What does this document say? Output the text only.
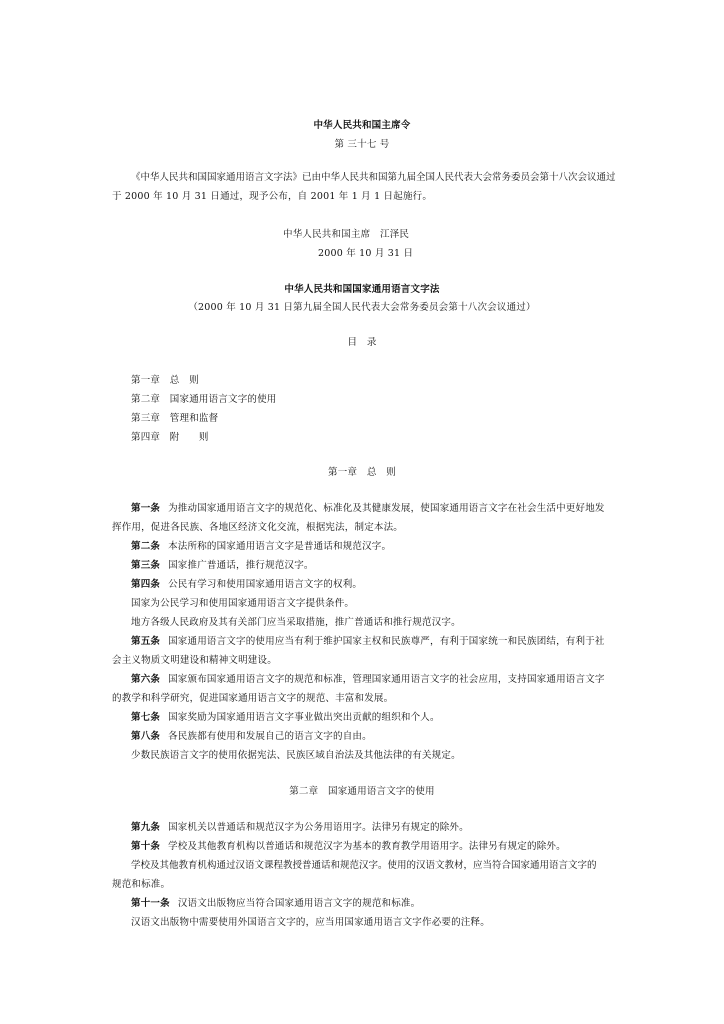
中华人民共和国主席令
第 三十七 号
《中华人民共和国国家通用语言文字法》已由中华人民共和国第九届全国人民代表大会常务委员会第十八次会议通过
于 2000 年 10 月 31 日通过，现予公布，自 2001 年 1 月 1 日起施行。
中华人民共和国主席　江泽民
2000 年 10 月 31 日
中华人民共和国国家通用语言文字法
（2000 年 10 月 31 日第九届全国人民代表大会常务委员会第十八次会议通过）
目　录
第一章　总　则
第二章　国家通用语言文字的使用
第三章　管理和监督
第四章　附　　则
第一章　总　则
第一条 为推动国家通用语言文字的规范化、标准化及其健康发展，使国家通用语言文字在社会生活中更好地发
挥作用，促进各民族、各地区经济文化交流，根据宪法，制定本法。
第二条 本法所称的国家通用语言文字是普通话和规范汉字。
第三条 国家推广普通话，推行规范汉字。
第四条 公民有学习和使用国家通用语言文字的权利。
国家为公民学习和使用国家通用语言文字提供条件。
地方各级人民政府及其有关部门应当采取措施，推广普通话和推行规范汉字。
第五条 国家通用语言文字的使用应当有利于维护国家主权和民族尊严，有利于国家统一和民族团结，有利于社
会主义物质文明建设和精神文明建设。
第六条 国家颁布国家通用语言文字的规范和标准，管理国家通用语言文字的社会应用，支持国家通用语言文字
的教学和科学研究，促进国家通用语言文字的规范、丰富和发展。
第七条 国家奖励为国家通用语言文字事业做出突出贡献的组织和个人。
第八条 各民族都有使用和发展自己的语言文字的自由。
少数民族语言文字的使用依据宪法、民族区域自治法及其他法律的有关规定。
第二章　国家通用语言文字的使用
第九条 国家机关以普通话和规范汉字为公务用语用字。法律另有规定的除外。
第十条 学校及其他教育机构以普通话和规范汉字为基本的教育教学用语用字。法律另有规定的除外。
学校及其他教育机构通过汉语文课程教授普通话和规范汉字。使用的汉语文教材，应当符合国家通用语言文字的
规范和标准。
第十一条 汉语文出版物应当符合国家通用语言文字的规范和标准。
汉语文出版物中需要使用外国语言文字的，应当用国家通用语言文字作必要的注释。
